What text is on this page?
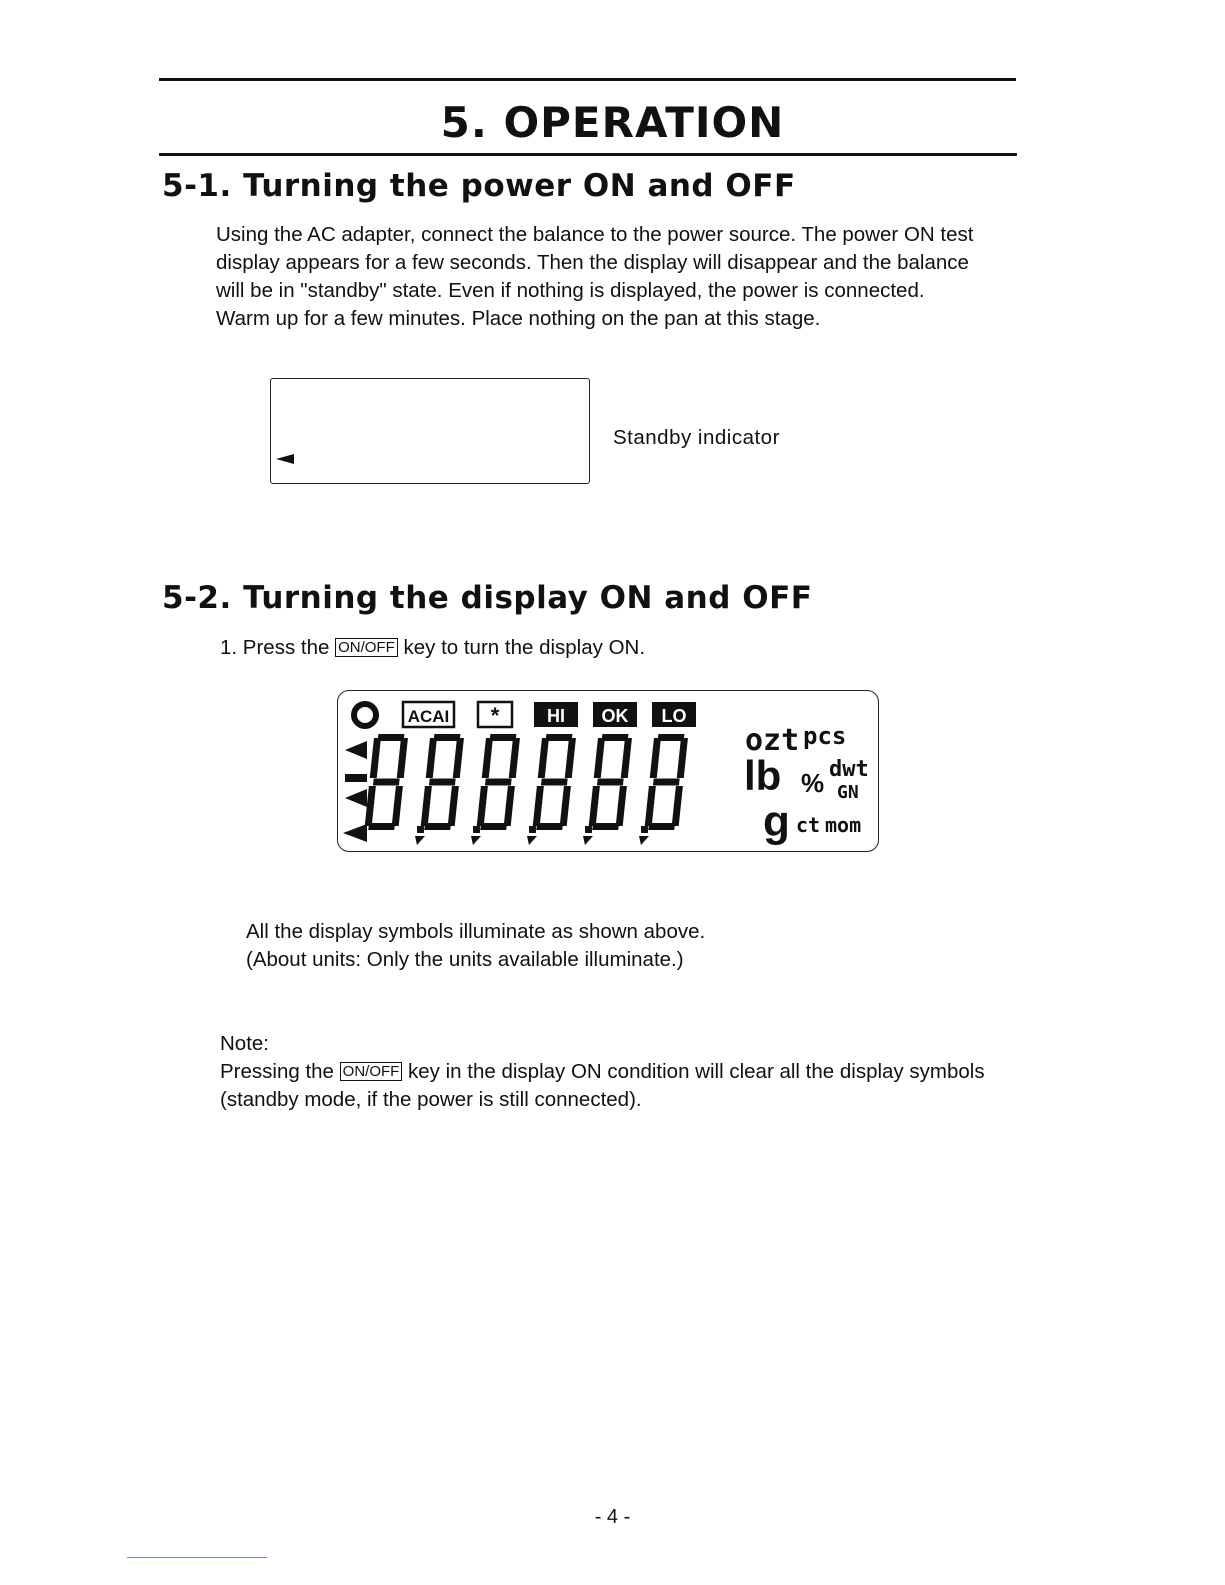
5. OPERATION
5-1. Turning the power ON and OFF

Using the AC adapter, connect the balance to the power source. The power ON test display appears for a few seconds. Then the display will disappear and the balance will be in "standby" state. Even if nothing is displayed, the power is connected. Warm up for a few minutes. Place nothing on the pan at this stage.

Standby indicator

5-2. Turning the display ON and OFF

1. Press the ON/OFF key to turn the display ON.

ACAI *	HI OK LO
ozt pcs
lb % dwt
GN
g ct mom

All the display symbols illuminate as shown above.

(About units: Only the units available illuminate.)

Note:

Pressing the ON/OFF key in the display ON condition will clear all the display symbols (standby mode, if the power is still connected).

- 4 -
